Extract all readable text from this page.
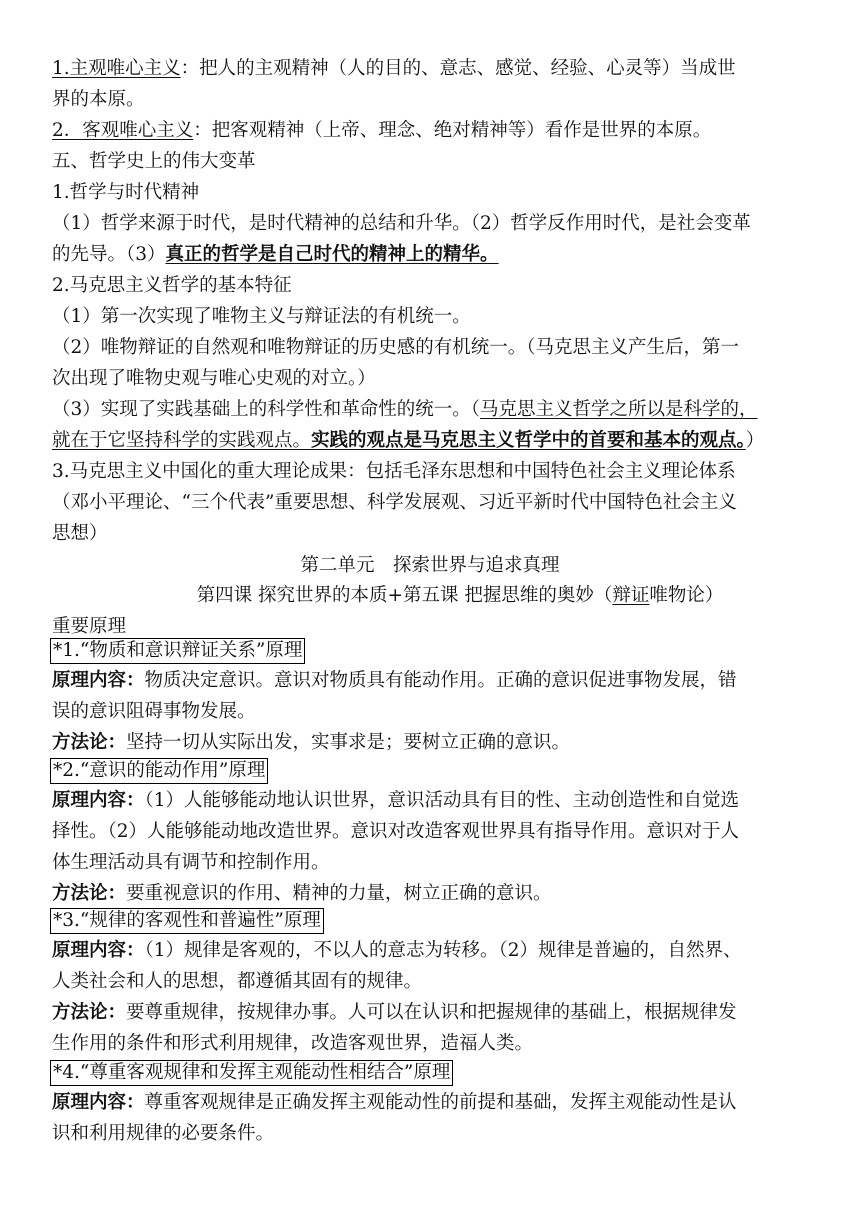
1.主观唯心主义：把人的主观精神（人的目的、意志、感觉、经验、心灵等）当成世
界的本原。
2．客观唯心主义：把客观精神（上帝、理念、绝对精神等）看作是世界的本原。
五、哲学史上的伟大变革
1.哲学与时代精神
（1）哲学来源于时代，是时代精神的总结和升华。（2）哲学反作用时代，是社会变革
的先导。（3）真正的哲学是自己时代的精神上的精华。
2.马克思主义哲学的基本特征
（1）第一次实现了唯物主义与辩证法的有机统一。
（2）唯物辩证的自然观和唯物辩证的历史感的有机统一。（马克思主义产生后，第一
次出现了唯物史观与唯心史观的对立。）
（3）实现了实践基础上的科学性和革命性的统一。（马克思主义哲学之所以是科学的，
就在于它坚持科学的实践观点。实践的观点是马克思主义哲学中的首要和基本的观点。）
3.马克思主义中国化的重大理论成果：包括毛泽东思想和中国特色社会主义理论体系
（邓小平理论、“三个代表”重要思想、科学发展观、习近平新时代中国特色社会主义
思想）
第二单元　探索世界与追求真理
第四课 探究世界的本质+第五课 把握思维的奥妙（辩证唯物论）
重要原理
*1.“物质和意识辩证关系”原理
原理内容：物质决定意识。意识对物质具有能动作用。正确的意识促进事物发展，错
误的意识阻碍事物发展。
方法论：坚持一切从实际出发，实事求是；要树立正确的意识。
*2.“意识的能动作用”原理
原理内容：（1）人能够能动地认识世界，意识活动具有目的性、主动创造性和自觉选
择性。（2）人能够能动地改造世界。意识对改造客观世界具有指导作用。意识对于人
体生理活动具有调节和控制作用。
方法论：要重视意识的作用、精神的力量，树立正确的意识。
*3.“规律的客观性和普遍性”原理
原理内容：（1）规律是客观的，不以人的意志为转移。（2）规律是普遍的，自然界、
人类社会和人的思想，都遵循其固有的规律。
方法论：要尊重规律，按规律办事。人可以在认识和把握规律的基础上，根据规律发
生作用的条件和形式利用规律，改造客观世界，造福人类。
*4.“尊重客观规律和发挥主观能动性相结合”原理
原理内容：尊重客观规律是正确发挥主观能动性的前提和基础，发挥主观能动性是认
识和利用规律的必要条件。
